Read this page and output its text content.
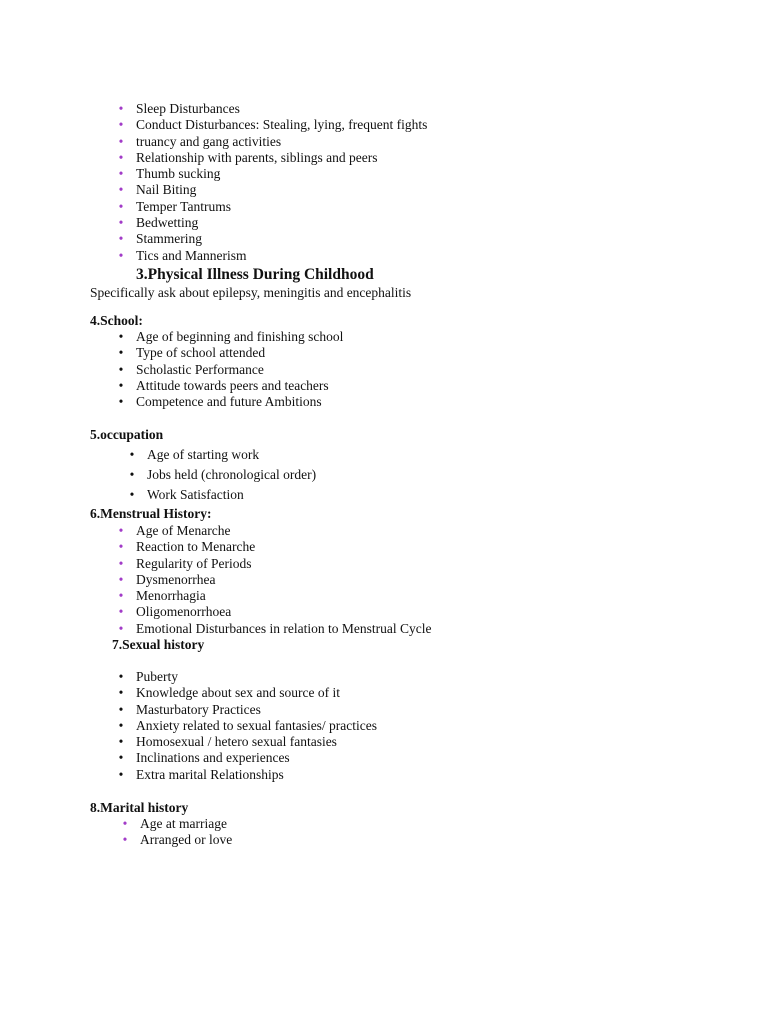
• Sleep Disturbances
• Conduct Disturbances: Stealing, lying, frequent fights
• truancy and gang activities
• Relationship with parents, siblings and peers
• Thumb sucking
• Nail Biting
• Temper Tantrums
• Bedwetting
• Stammering
• Tics and Mannerism
3.Physical Illness During Childhood

Specifically ask about epilepsy, meningitis and encephalitis

4.School:
• Age of beginning and finishing school
• Type of school attended
• Scholastic Performance
• Attitude towards peers and teachers
• Competence and future Ambitions
5.occupation
• Age of starting work
• Jobs held (chronological order)
• Work Satisfaction
6.Menstrual History:
• Age of Menarche
• Reaction to Menarche
• Regularity of Periods
• Dysmenorrhea
• Menorrhagia
• Oligomenorrhoea
• Emotional Disturbances in relation to Menstrual Cycle
7.Sexual history
• Puberty
• Knowledge about sex and source of it
• Masturbatory Practices
• Anxiety related to sexual fantasies/ practices
• Homosexual / hetero sexual fantasies
• Inclinations and experiences
• Extra marital Relationships
8.Marital history
• Age at marriage
• Arranged or love
